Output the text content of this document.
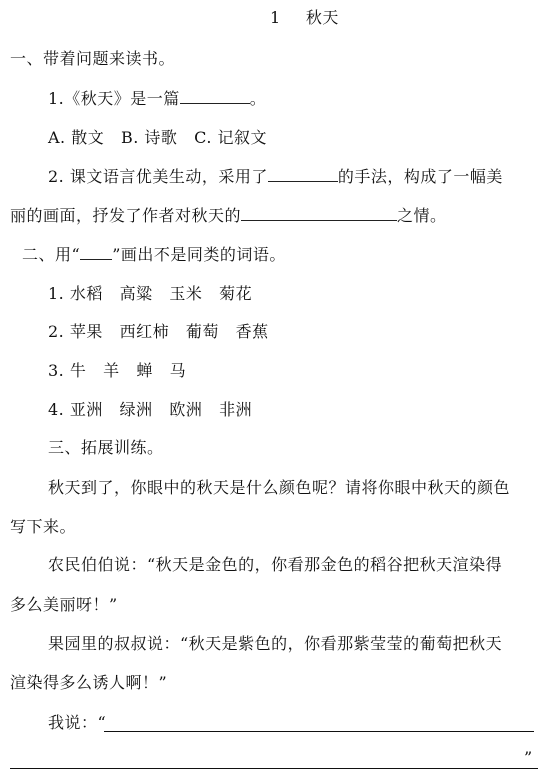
1 秋天
一、带着问题来读书。
1.《秋天》是一篇	。
A. 散文   B. 诗歌   C. 记叙文
2. 课文语言优美生动，采用了	的手法，构成了一幅美
丽的画面，抒发了作者对秋天的	之情。
二、用“ ”画出不是同类的词语。
1. 水稻   高粱   玉米   菊花
2. 苹果   西红柿   葡萄   香蕉
3. 牛   羊   蝉   马
4. 亚洲   绿洲   欧洲   非洲
三、拓展训练。
秋天到了，你眼中的秋天是什么颜色呢？请将你眼中秋天的颜色
写下来。
农民伯伯说：“秋天是金色的，你看那金色的稻谷把秋天渲染得
多么美丽呀！”
果园里的叔叔说：“秋天是紫色的，你看那紫莹莹的葡萄把秋天
渲染得多么诱人啊！”
我说：“
”
